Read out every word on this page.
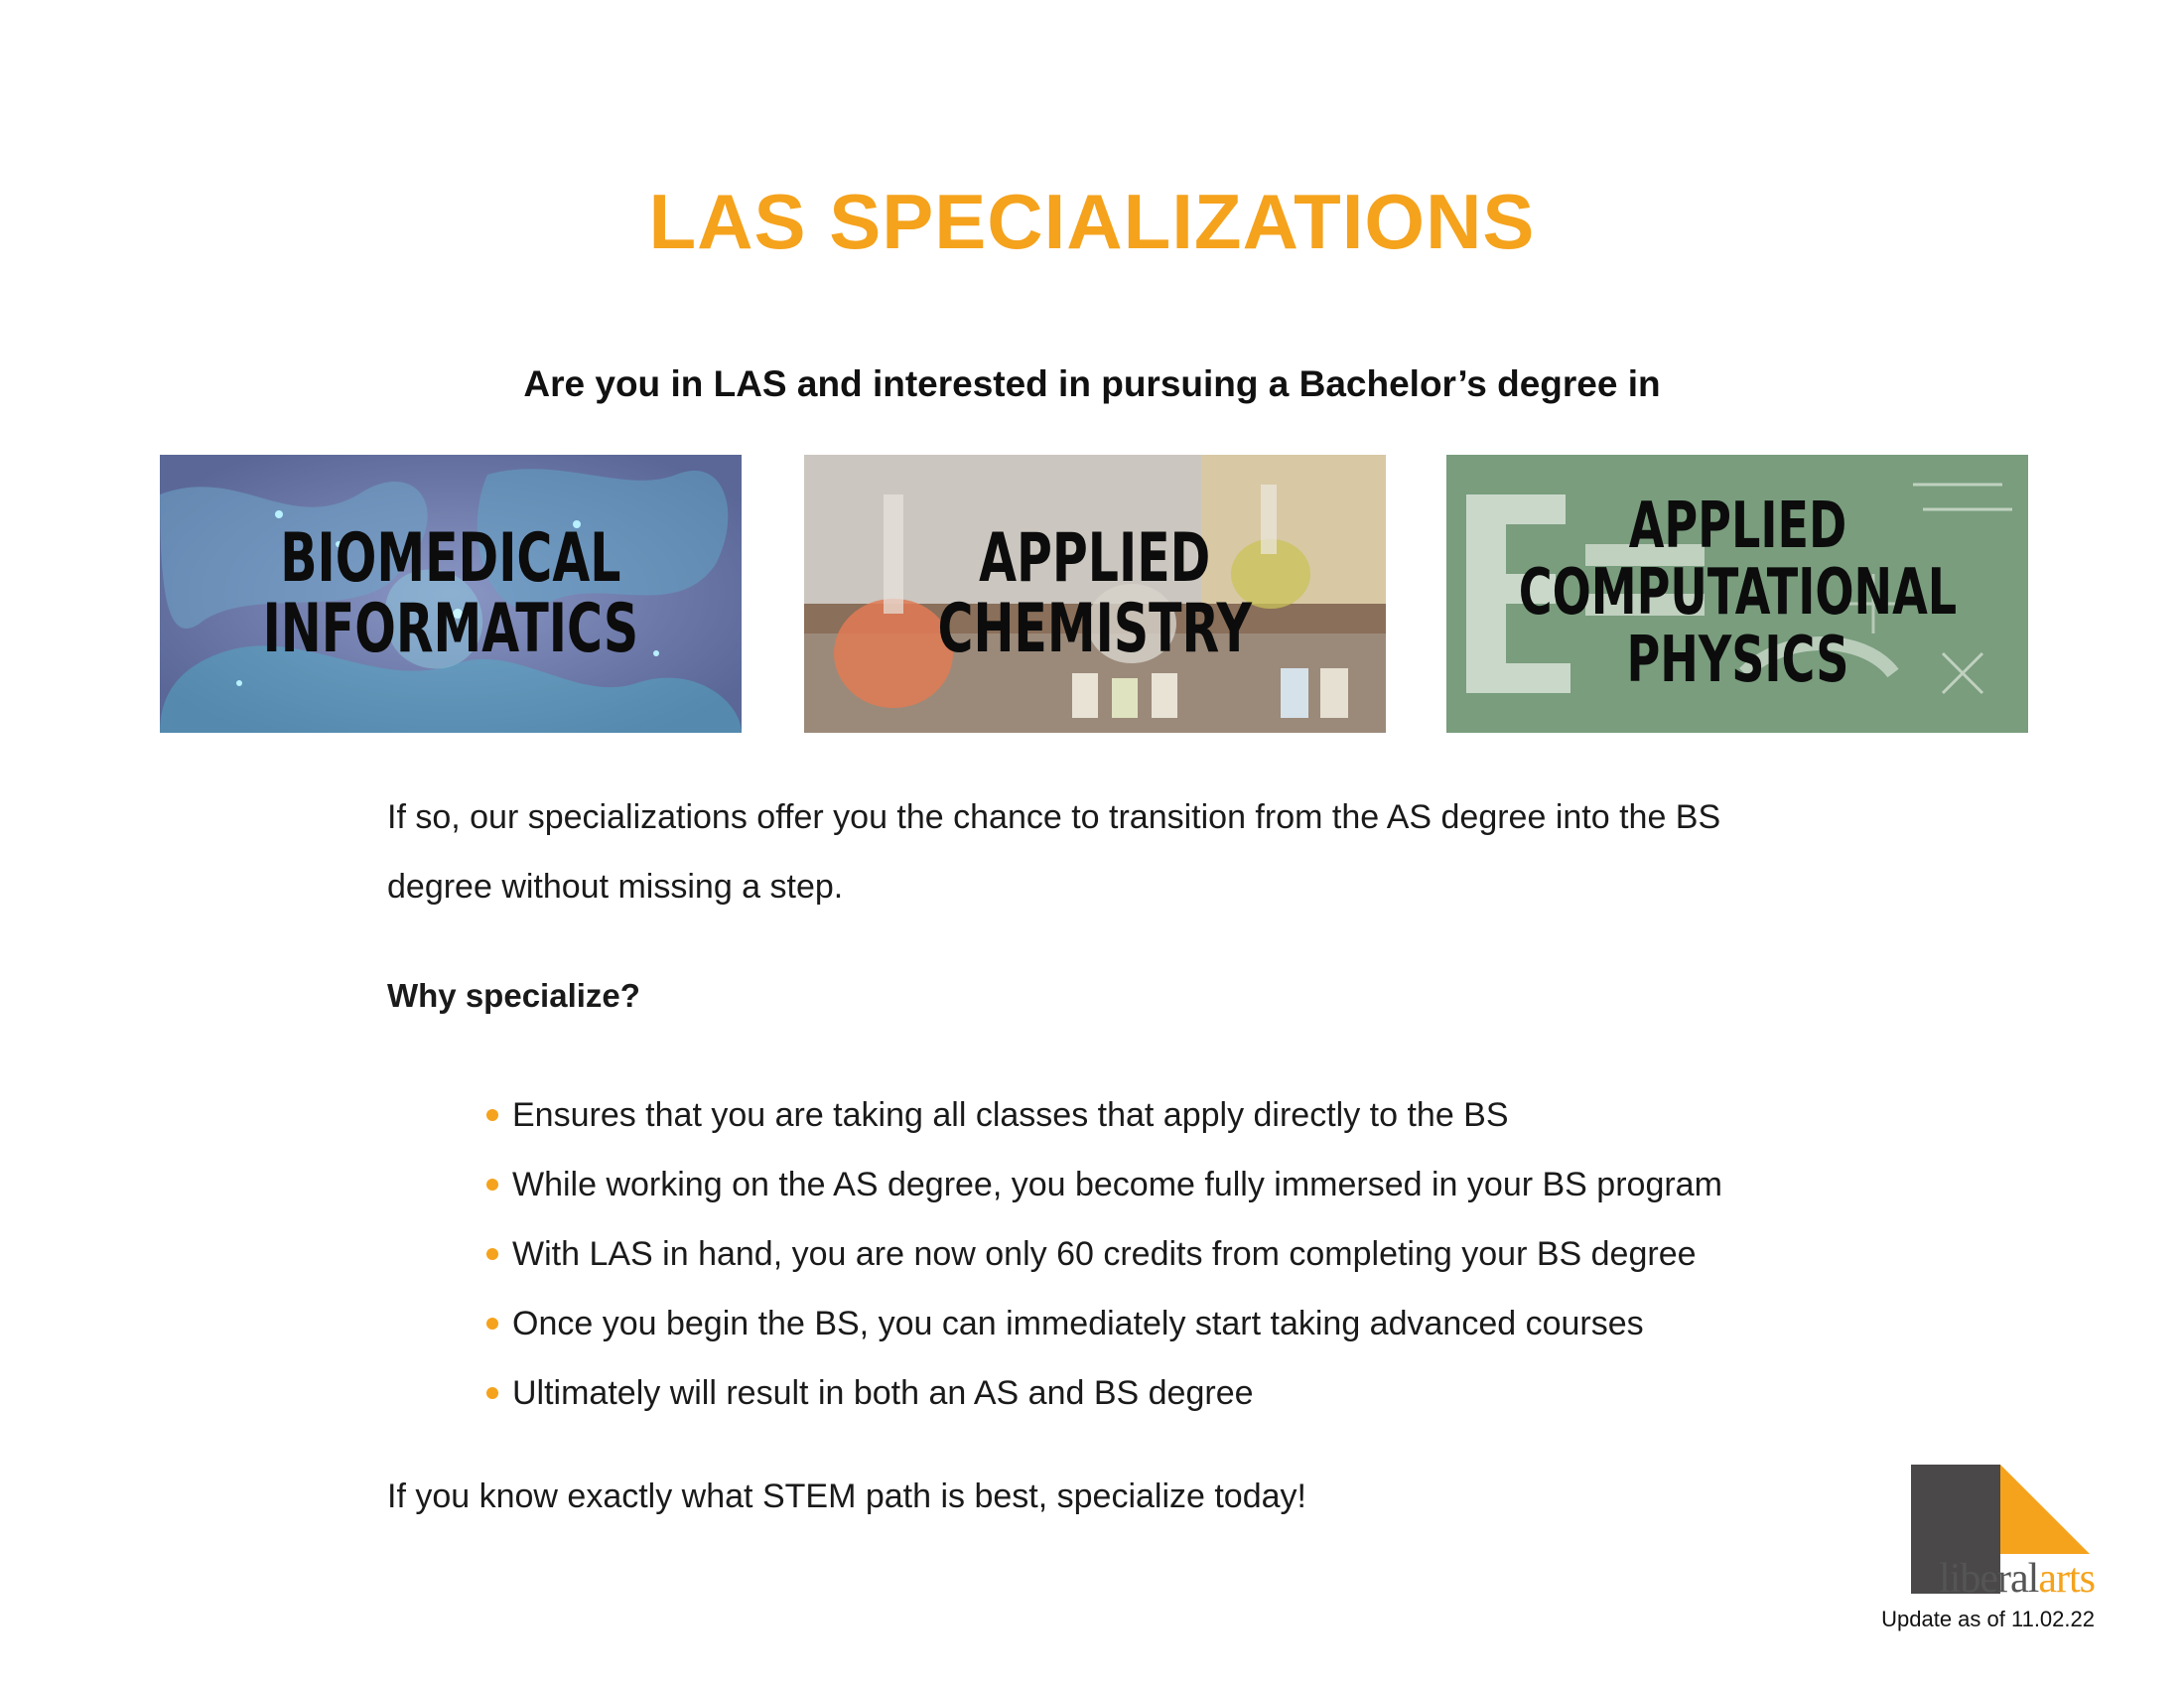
LAS SPECIALIZATIONS

Are you in LAS and interested in pursuing a Bachelor’s degree in

BIOMEDICAL
INFORMATICS
APPLIED
CHEMISTRY
APPLIED
COMPUTATIONAL
PHYSICS

If so, our specializations offer you the chance to transition from the AS degree into the BS degree without missing a step.

Why specialize?

Ensures that you are taking all classes that apply directly to the BS
While working on the AS degree, you become fully immersed in your BS program
With LAS in hand, you are now only 60 credits from completing your BS degree
Once you begin the BS, you can immediately start taking advanced courses
Ultimately will result in both an AS and BS degree

If you know exactly what STEM path is best, specialize today!

liberalarts
Update as of 11.02.22
